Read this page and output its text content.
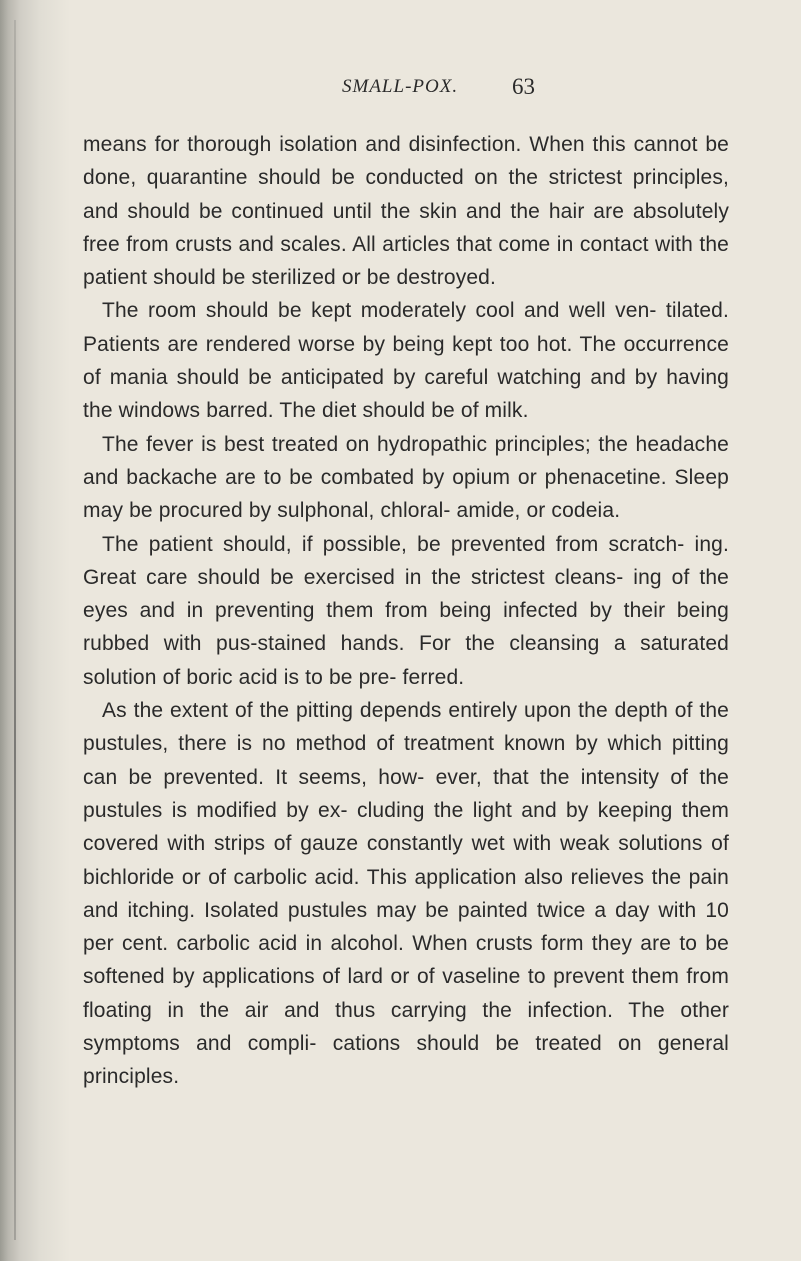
SMALL-POX. 63

means for thorough isolation and disinfection. When this cannot be done, quarantine should be conducted on the strictest principles, and should be continued until the skin and the hair are absolutely free from crusts and scales. All articles that come in contact with the patient should be sterilized or be destroyed.

The room should be kept moderately cool and well ven- tilated. Patients are rendered worse by being kept too hot. The occurrence of mania should be anticipated by careful watching and by having the windows barred. The diet should be of milk.

The fever is best treated on hydropathic principles; the headache and backache are to be combated by opium or phenacetine. Sleep may be procured by sulphonal, chloral- amide, or codeia.

The patient should, if possible, be prevented from scratch- ing. Great care should be exercised in the strictest cleans- ing of the eyes and in preventing them from being infected by their being rubbed with pus-stained hands. For the cleansing a saturated solution of boric acid is to be pre- ferred.

As the extent of the pitting depends entirely upon the depth of the pustules, there is no method of treatment known by which pitting can be prevented. It seems, how- ever, that the intensity of the pustules is modified by ex- cluding the light and by keeping them covered with strips of gauze constantly wet with weak solutions of bichloride or of carbolic acid. This application also relieves the pain and itching. Isolated pustules may be painted twice a day with 10 per cent. carbolic acid in alcohol. When crusts form they are to be softened by applications of lard or of vaseline to prevent them from floating in the air and thus carrying the infection. The other symptoms and compli- cations should be treated on general principles.
